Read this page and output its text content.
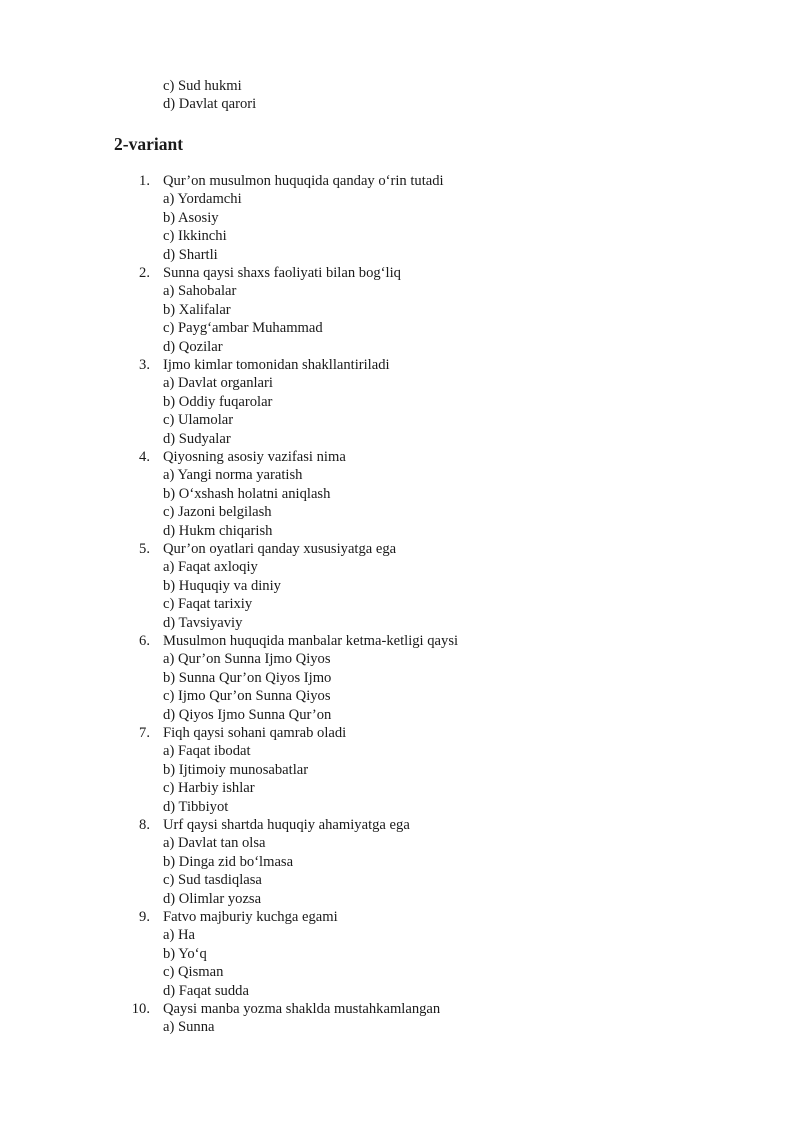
c) Sud hukmi
d) Davlat qarori
2-variant
1. Qur’on musulmon huquqida qanday o‘rin tutadi
a) Yordamchi
b) Asosiy
c) Ikkinchi
d) Shartli
2. Sunna qaysi shaxs faoliyati bilan bog‘liq
a) Sahobalar
b) Xalifalar
c) Payg‘ambar Muhammad
d) Qozilar
3. Ijmo kimlar tomonidan shakllantiriladi
a) Davlat organlari
b) Oddiy fuqarolar
c) Ulamolar
d) Sudyalar
4. Qiyosning asosiy vazifasi nima
a) Yangi norma yaratish
b) O‘xshash holatni aniqlash
c) Jazoni belgilash
d) Hukm chiqarish
5. Qur’on oyatlari qanday xususiyatga ega
a) Faqat axloqiy
b) Huquqiy va diniy
c) Faqat tarixiy
d) Tavsiyaviy
6. Musulmon huquqida manbalar ketma-ketligi qaysi
a) Qur’on Sunna Ijmo Qiyos
b) Sunna Qur’on Qiyos Ijmo
c) Ijmo Qur’on Sunna Qiyos
d) Qiyos Ijmo Sunna Qur’on
7. Fiqh qaysi sohani qamrab oladi
a) Faqat ibodat
b) Ijtimoiy munosabatlar
c) Harbiy ishlar
d) Tibbiyot
8. Urf qaysi shartda huquqiy ahamiyatga ega
a) Davlat tan olsa
b) Dinga zid bo‘lmasa
c) Sud tasdiqlasa
d) Olimlar yozsa
9. Fatvo majburiy kuchga egami
a) Ha
b) Yo‘q
c) Qisman
d) Faqat sudda
10. Qaysi manba yozma shaklda mustahkamlangan
a) Sunna
